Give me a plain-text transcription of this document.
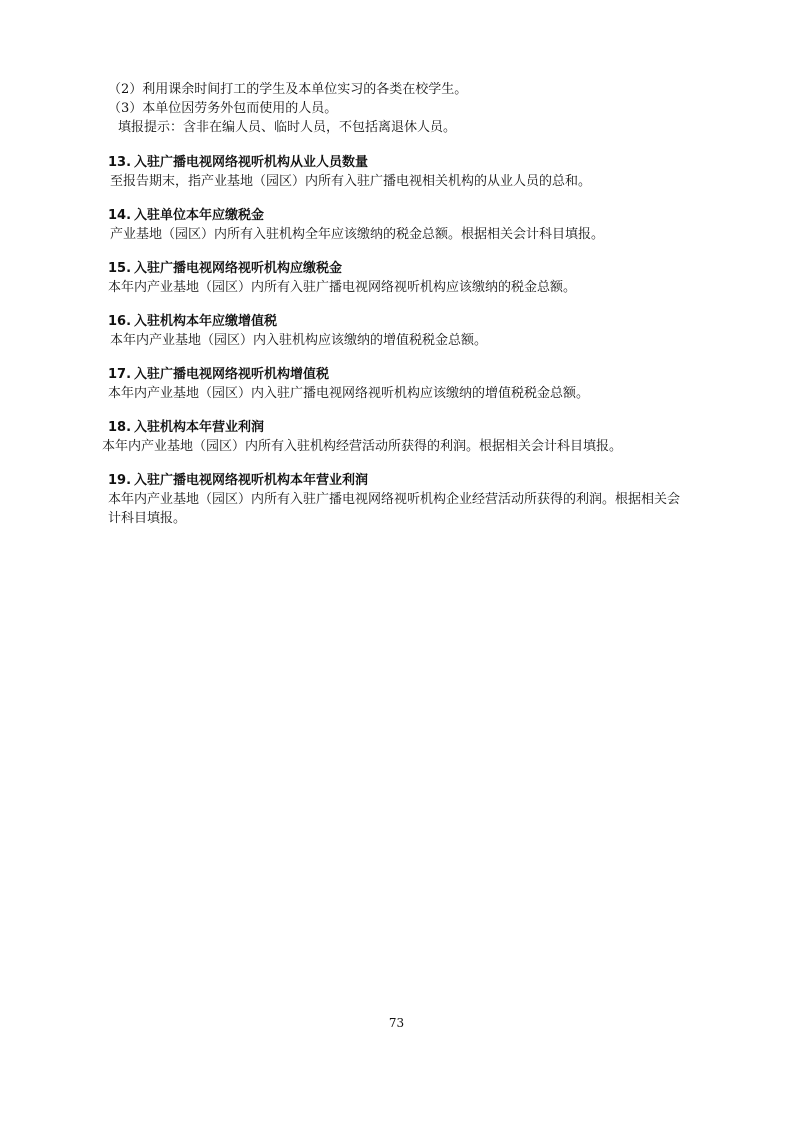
（2）利用课余时间打工的学生及本单位实习的各类在校学生。
（3）本单位因劳务外包而使用的人员。
填报提示：含非在编人员、临时人员，不包括离退休人员。
13. 入驻广播电视网络视听机构从业人员数量
至报告期末，指产业基地（园区）内所有入驻广播电视相关机构的从业人员的总和。
14. 入驻单位本年应缴税金
产业基地（园区）内所有入驻机构全年应该缴纳的税金总额。根据相关会计科目填报。
15. 入驻广播电视网络视听机构应缴税金
本年内产业基地（园区）内所有入驻广播电视网络视听机构应该缴纳的税金总额。
16. 入驻机构本年应缴增值税
本年内产业基地（园区）内入驻机构应该缴纳的增值税税金总额。
17. 入驻广播电视网络视听机构增值税
本年内产业基地（园区）内入驻广播电视网络视听机构应该缴纳的增值税税金总额。
18. 入驻机构本年营业利润
本年内产业基地（园区）内所有入驻机构经营活动所获得的利润。根据相关会计科目填报。
19. 入驻广播电视网络视听机构本年营业利润
本年内产业基地（园区）内所有入驻广播电视网络视听机构企业经营活动所获得的利润。根据相关会
计科目填报。
73
